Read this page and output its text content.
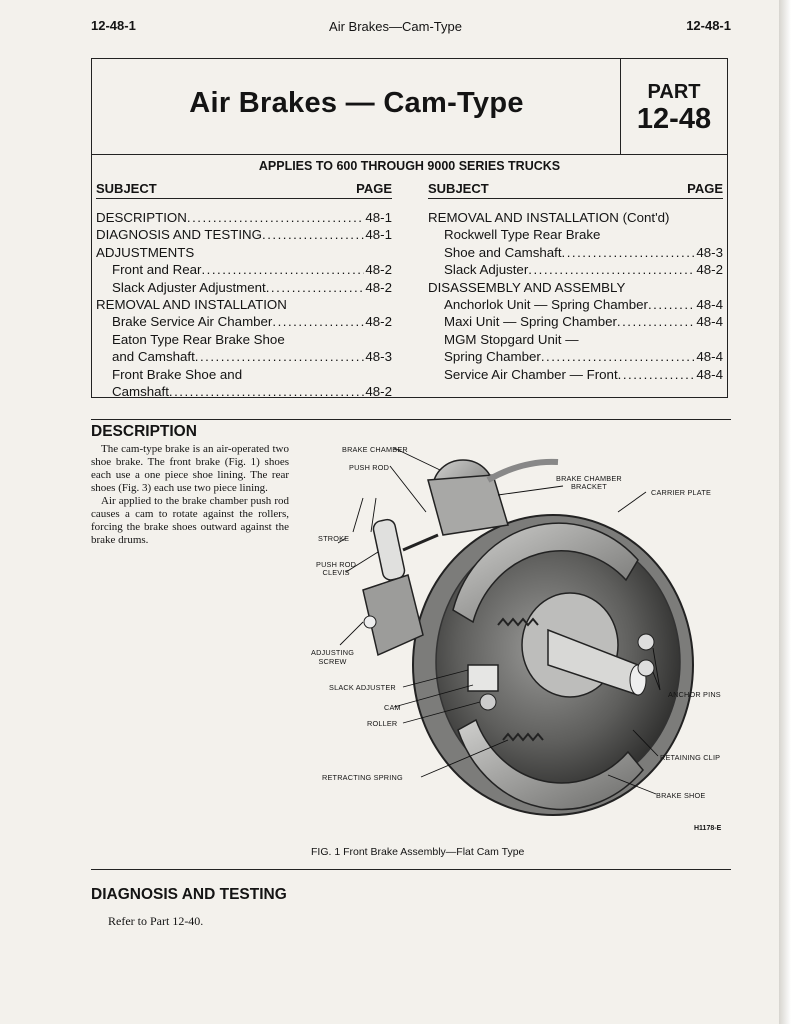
12-48-1	Air Brakes—Cam-Type	12-48-1
Air Brakes — Cam-Type	PART
12-48
APPLIES TO 600 THROUGH 9000 SERIES TRUCKS
SUBJECT	PAGE	SUBJECT	PAGE
DESCRIPTION .....	48-1
DIAGNOSIS AND TESTING .....	48-1
ADJUSTMENTS
Front and Rear .....	48-2
Slack Adjuster Adjustment .....	48-2
REMOVAL AND INSTALLATION
Brake Service Air Chamber .....	48-2
Eaton Type Rear Brake Shoe
and Camshaft .....	48-3
Front Brake Shoe and
Camshaft .....	48-2
REMOVAL AND INSTALLATION (Cont'd)
Rockwell Type Rear Brake
Shoe and Camshaft .....	48-3
Slack Adjuster .....	48-2
DISASSEMBLY AND ASSEMBLY
Anchorlok Unit — Spring Chamber .....	48-4
Maxi Unit — Spring Chamber .....	48-4
MGM Stopgard Unit —
Spring Chamber .....	48-4
Service Air Chamber — Front .....	48-4
DESCRIPTION

The cam-type brake is an air-operated two shoe brake. The front brake (Fig. 1) shoes each use a one piece shoe lining. The rear shoes (Fig. 3) each use two piece lining.

Air applied to the brake chamber push rod causes a cam to rotate against the rollers, forcing the brake shoes outward against the brake drums.

BRAKE CHAMBER
PUSH ROD
BRAKE CHAMBER
BRACKET
CARRIER PLATE
STROKE
PUSH ROD
CLEVIS
ADJUSTING
SCREW
SLACK ADJUSTER
CAM
ROLLER
ANCHOR PINS
RETAINING CLIP
RETRACTING SPRING
BRAKE SHOE
H1178-E
FIG. 1 Front Brake Assembly—Flat Cam Type
DIAGNOSIS AND TESTING
Refer to Part 12-40.
